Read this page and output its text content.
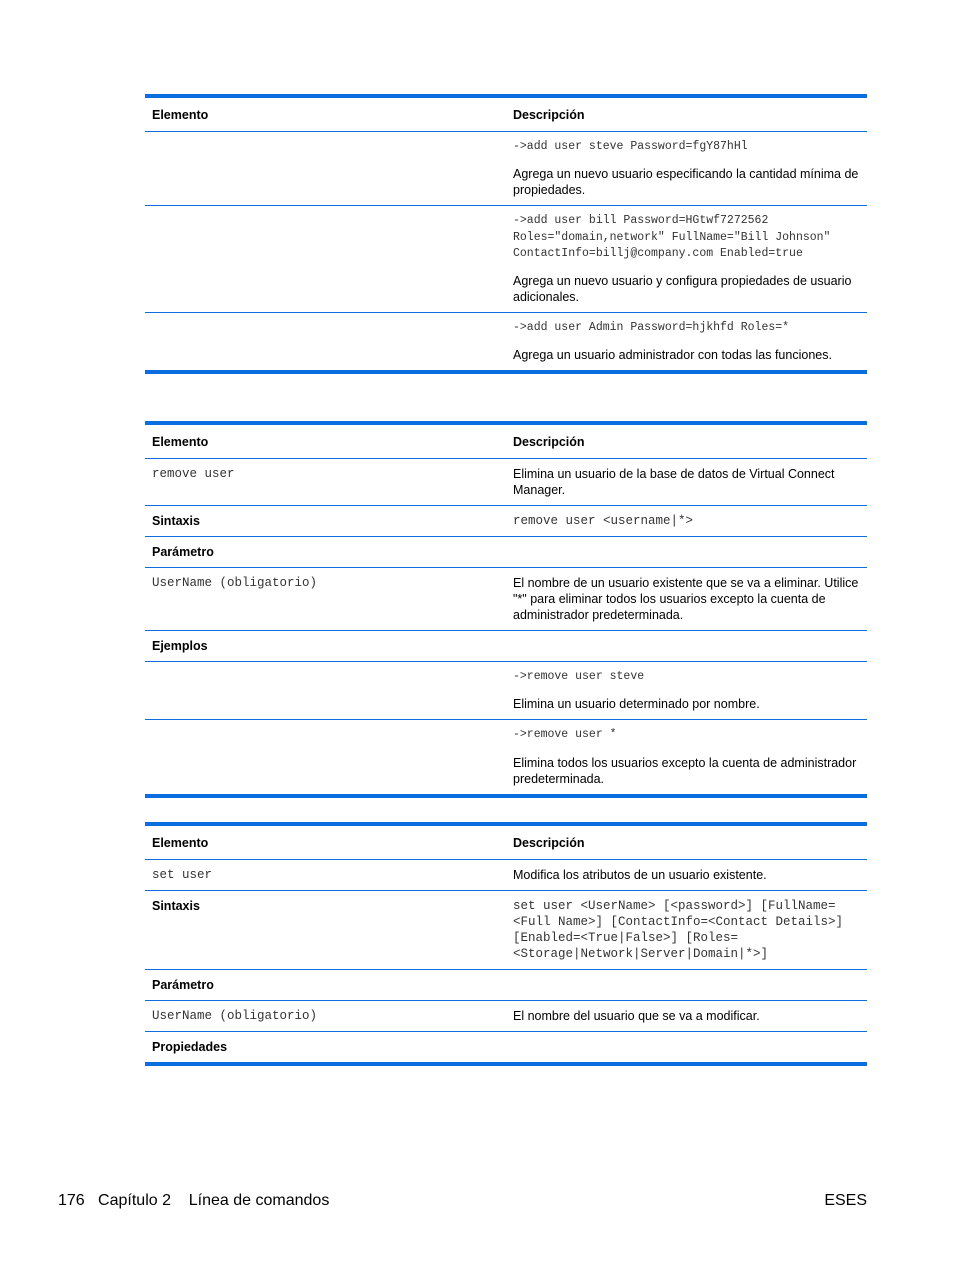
Elemento	Descripción

	->add user steve Password=fgY87hHl
Agrega un nuevo usuario especificando la cantidad mínima de propiedades.

	->add user bill Password=HGtwf7272562 Roles="domain,network" FullName="Bill Johnson" ContactInfo=billj@company.com Enabled=true
Agrega un nuevo usuario y configura propiedades de usuario adicionales.

	->add user Admin Password=hjkhfd Roles=*
Agrega un usuario administrador con todas las funciones.
Elemento	Descripción
remove user	Elimina un usuario de la base de datos de Virtual Connect Manager.
Sintaxis	remove user <username|*>
Parámetro	
UserName (obligatorio)	El nombre de un usuario existente que se va a eliminar. Utilice "*" para eliminar todos los usuarios excepto la cuenta de administrador predeterminada.
Ejemplos	

	->remove user steve
Elimina un usuario determinado por nombre.

	->remove user *
Elimina todos los usuarios excepto la cuenta de administrador predeterminada.
Elemento	Descripción
set user	Modifica los atributos de un usuario existente.
Sintaxis	set user <UserName> [<password>] [FullName=<Full Name>] [ContactInfo=<Contact Details>] [Enabled=<True|False>] [Roles=<Storage|Network|Server|Domain|*>]
Parámetro	
UserName (obligatorio)	El nombre del usuario que se va a modificar.
Propiedades	
176 Capítulo 2 Línea de comandos	ESES
